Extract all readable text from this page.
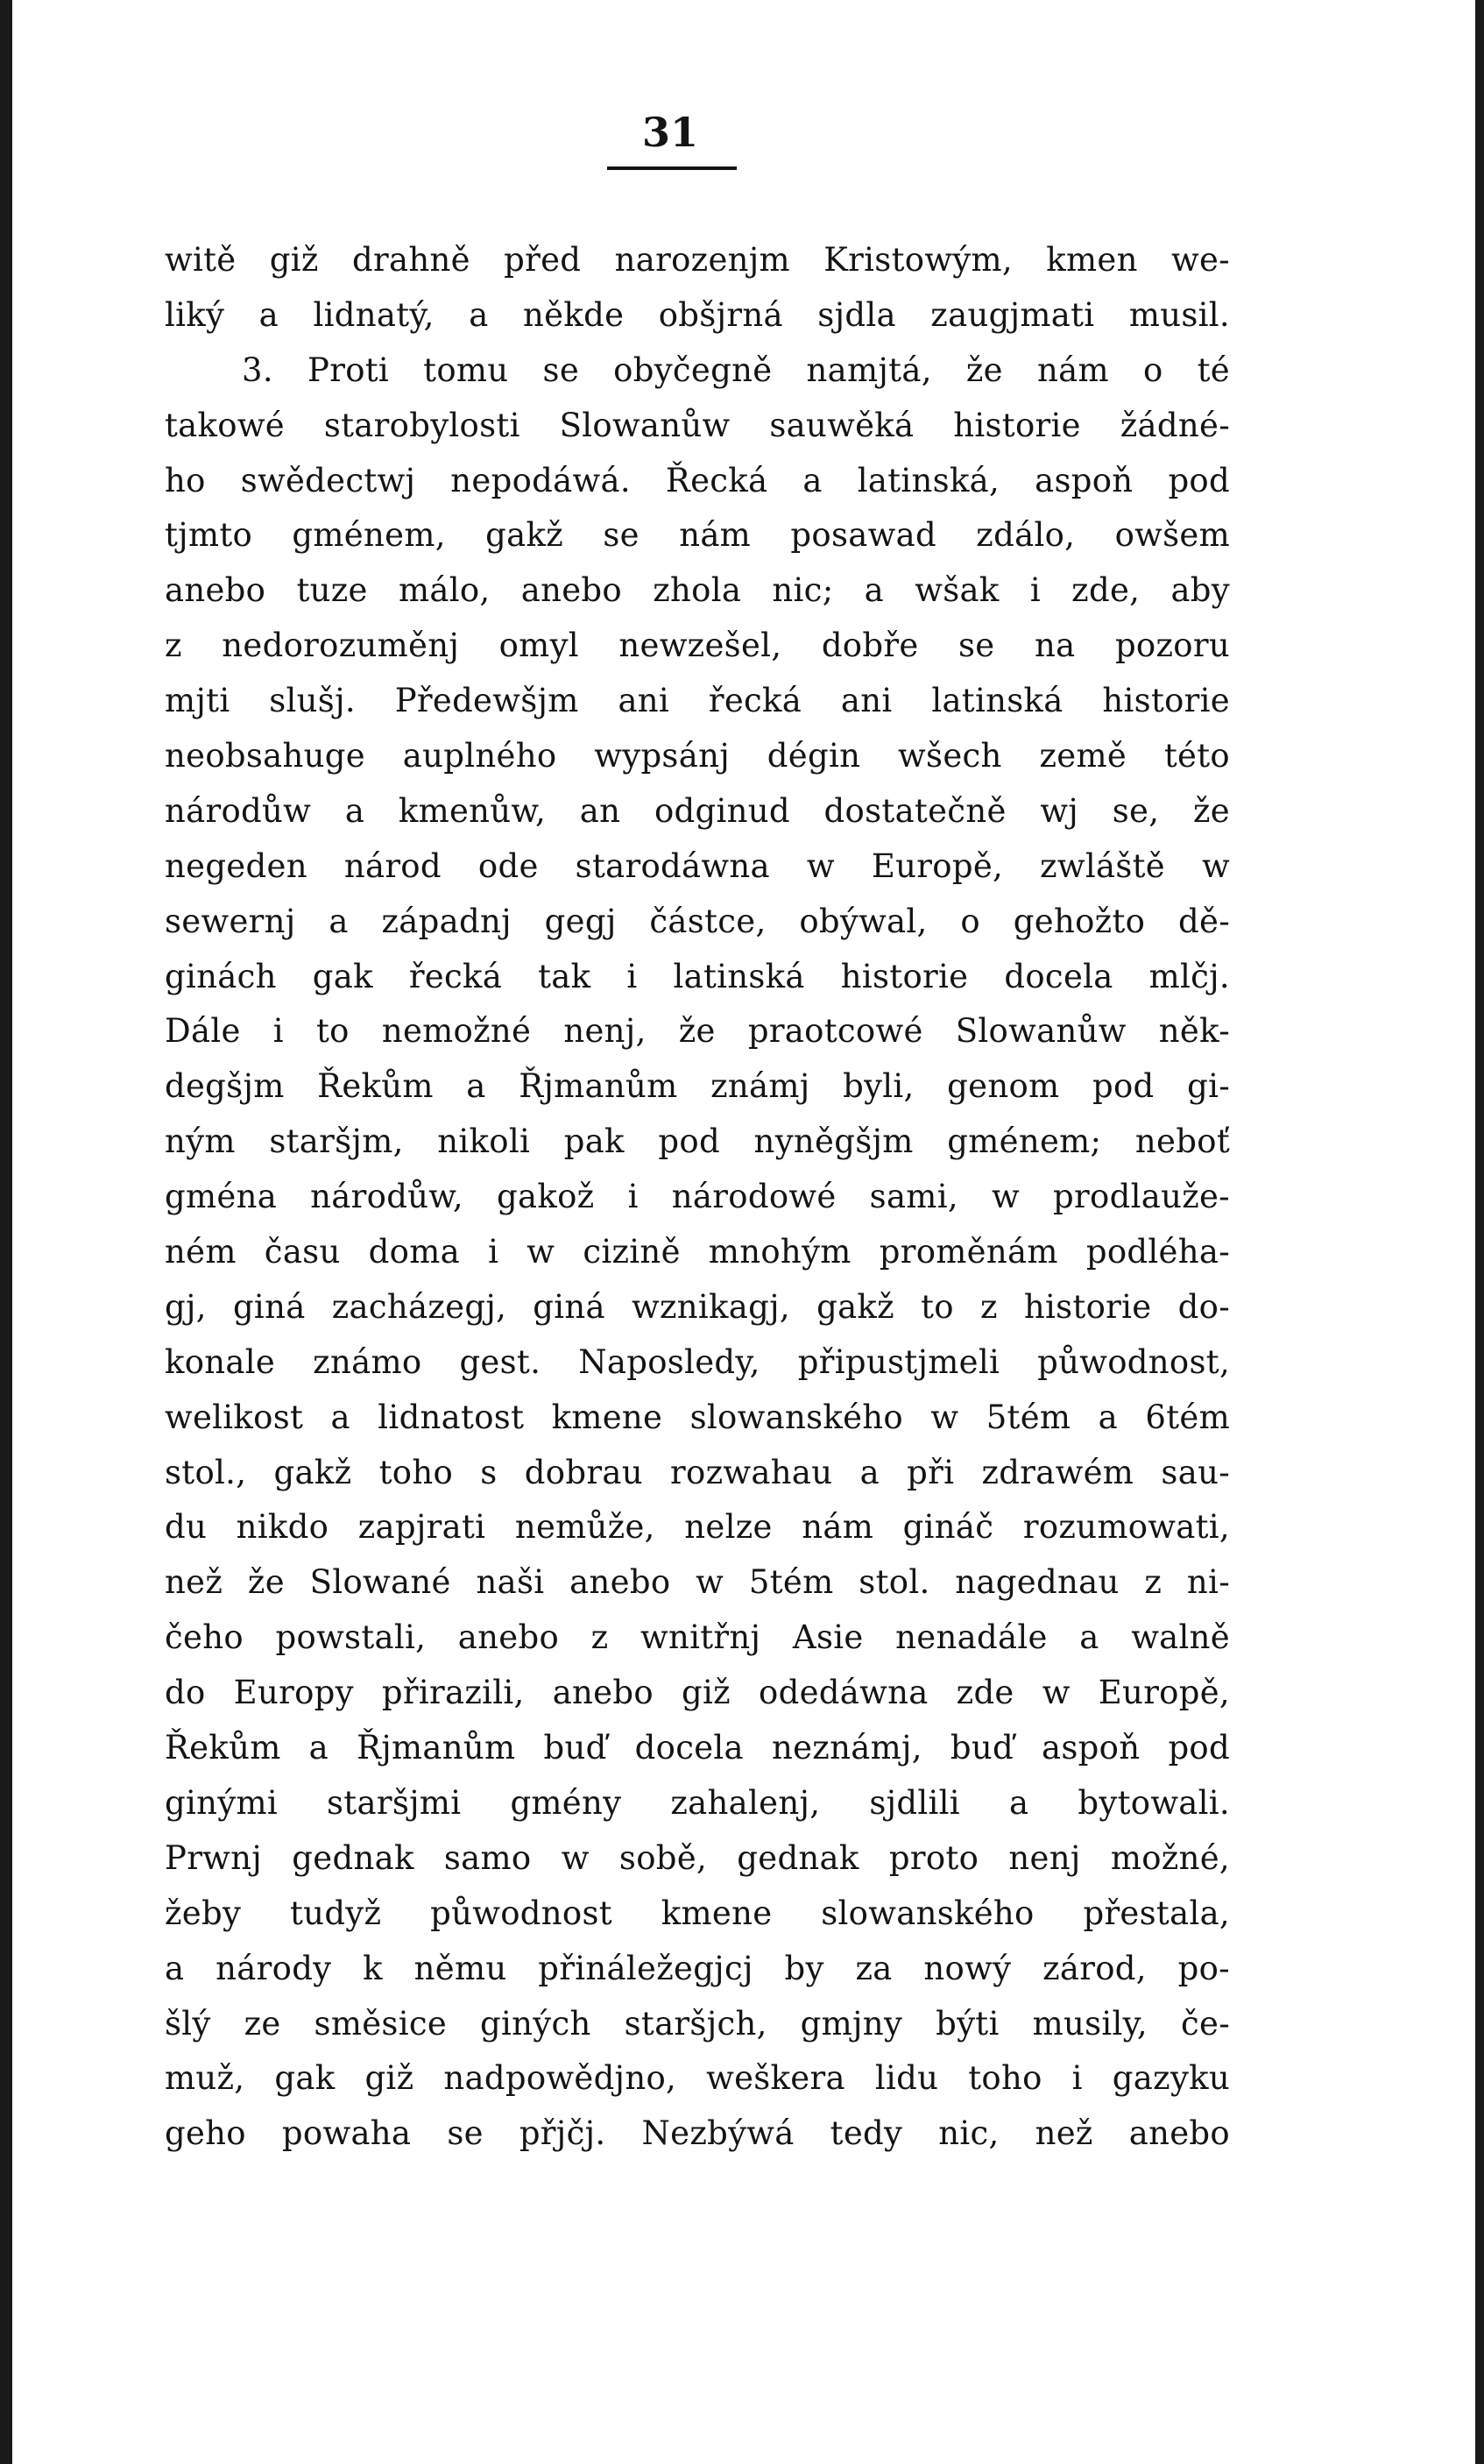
31
witě giž drahně před narozenjm Kristowým, kmen we-
liký a lidnatý, a někde obšjrná sjdla zaugjmati musil.
3. Proti tomu se obyčegně namjtá, že nám o té
takowé starobylosti Slowanůw sauwěká historie žádné-
ho swědectwj nepodáwá. Řecká a latinská, aspoň pod
tjmto gménem, gakž se nám posawad zdálo, owšem
anebo tuze málo, anebo zhola nic; a wšak i zde, aby
z nedorozuměnj omyl newzešel, dobře se na pozoru
mjti slušj. Předewšjm ani řecká ani latinská historie
neobsahuge auplného wypsánj dégin wšech země této
národůw a kmenůw, an odginud dostatečně wj se, že
negeden národ ode starodáwna w Europě, zwláště w
sewernj a západnj gegj částce, obýwal, o gehožto dě-
ginách gak řecká tak i latinská historie docela mlčj.
Dále i to nemožné nenj, že praotcowé Slowanůw něk-
degšjm Řekům a Řjmanům známj byli, genom pod gi-
ným staršjm, nikoli pak pod nyněgšjm gménem; neboť
gména národůw, gakož i národowé sami, w prodlauže-
ném času doma i w cizině mnohým proměnám podléha-
gj, giná zacházegj, giná wznikagj, gakž to z historie do-
konale známo gest. Naposledy, připustjmeli půwodnost,
welikost a lidnatost kmene slowanského w 5tém a 6tém
stol., gakž toho s dobrau rozwahau a při zdrawém sau-
du nikdo zapjrati nemůže, nelze nám gináč rozumowati,
než že Slowané naši anebo w 5tém stol. nagednau z ni-
čeho powstali, anebo z wnitřnj Asie nenadále a walně
do Europy přirazili, anebo giž odedáwna zde w Europě,
Řekům a Řjmanům buď docela neznámj, buď aspoň pod
ginými staršjmi gmény zahalenj, sjdlili a bytowali.
Prwnj gednak samo w sobě, gednak proto nenj možné,
žeby tudyž půwodnost kmene slowanského přestala,
a národy k němu přináležegjcj by za nowý zárod, po-
šlý ze směsice giných staršjch, gmjny býti musily, če-
muž, gak giž nadpowědjno, weškera lidu toho i gazyku
geho powaha se přjčj. Nezbýwá tedy nic, než anebo
